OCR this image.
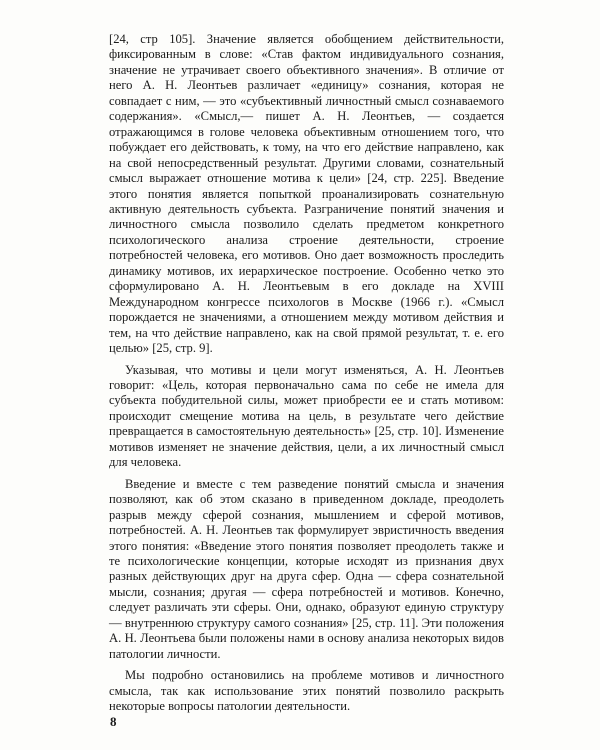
[24, стр 105]. Значение является обобщением действительности, фиксированным в слове: «Став фактом индивидуального сознания, значение не утрачивает своего объективного значения». В отличие от него А. Н. Леонтьев различает «единицу» сознания, которая не совпадает с ним, — это «субъективный личностный смысл сознаваемого содержания». «Смысл,— пишет А. Н. Леонтьев, — создается отражающимся в голове человека объективным отношением того, что побуждает его действовать, к тому, на что его действие направлено, как на свой непосредственный результат. Другими словами, сознательный смысл выражает отношение мотива к цели» [24, стр. 225]. Введение этого понятия является попыткой проанализировать сознательную активную деятельность субъекта. Разграничение понятий значения и личностного смысла позволило сделать предметом конкретного психологического анализа строение деятельности, строение потребностей человека, его мотивов. Оно дает возможность проследить динамику мотивов, их иерархическое построение. Особенно четко это сформулировано А. Н. Леонтьевым в его докладе на XVIII Международном конгрессе психологов в Москве (1966 г.). «Смысл порождается не значениями, а отношением между мотивом действия и тем, на что действие направлено, как на свой прямой результат, т. е. его целью» [25, стр. 9].

Указывая, что мотивы и цели могут изменяться, А. Н. Леонтьев говорит: «Цель, которая первоначально сама по себе не имела для субъекта побудительной силы, может приобрести ее и стать мотивом: происходит смещение мотива на цель, в результате чего действие превращается в самостоятельную деятельность» [25, стр. 10]. Изменение мотивов изменяет не значение действия, цели, а их личностный смысл для человека.

Введение и вместе с тем разведение понятий смысла и значения позволяют, как об этом сказано в приведенном докладе, преодолеть разрыв между сферой сознания, мышлением и сферой мотивов, потребностей. А. Н. Леонтьев так формулирует эвристичность введения этого понятия: «Введение этого понятия позволяет преодолеть также и те психологические концепции, которые исходят из признания двух разных действующих друг на друга сфер. Одна — сфера сознательной мысли, сознания; другая — сфера потребностей и мотивов. Конечно, следует различать эти сферы. Они, однако, образуют единую структуру — внутреннюю структуру самого сознания» [25, стр. 11]. Эти положения А. Н. Леонтьева были положены нами в основу анализа некоторых видов патологии личности.

Мы подробно остановились на проблеме мотивов и личностного смысла, так как использование этих понятий позволило раскрыть некоторые вопросы патологии деятельности.

8
